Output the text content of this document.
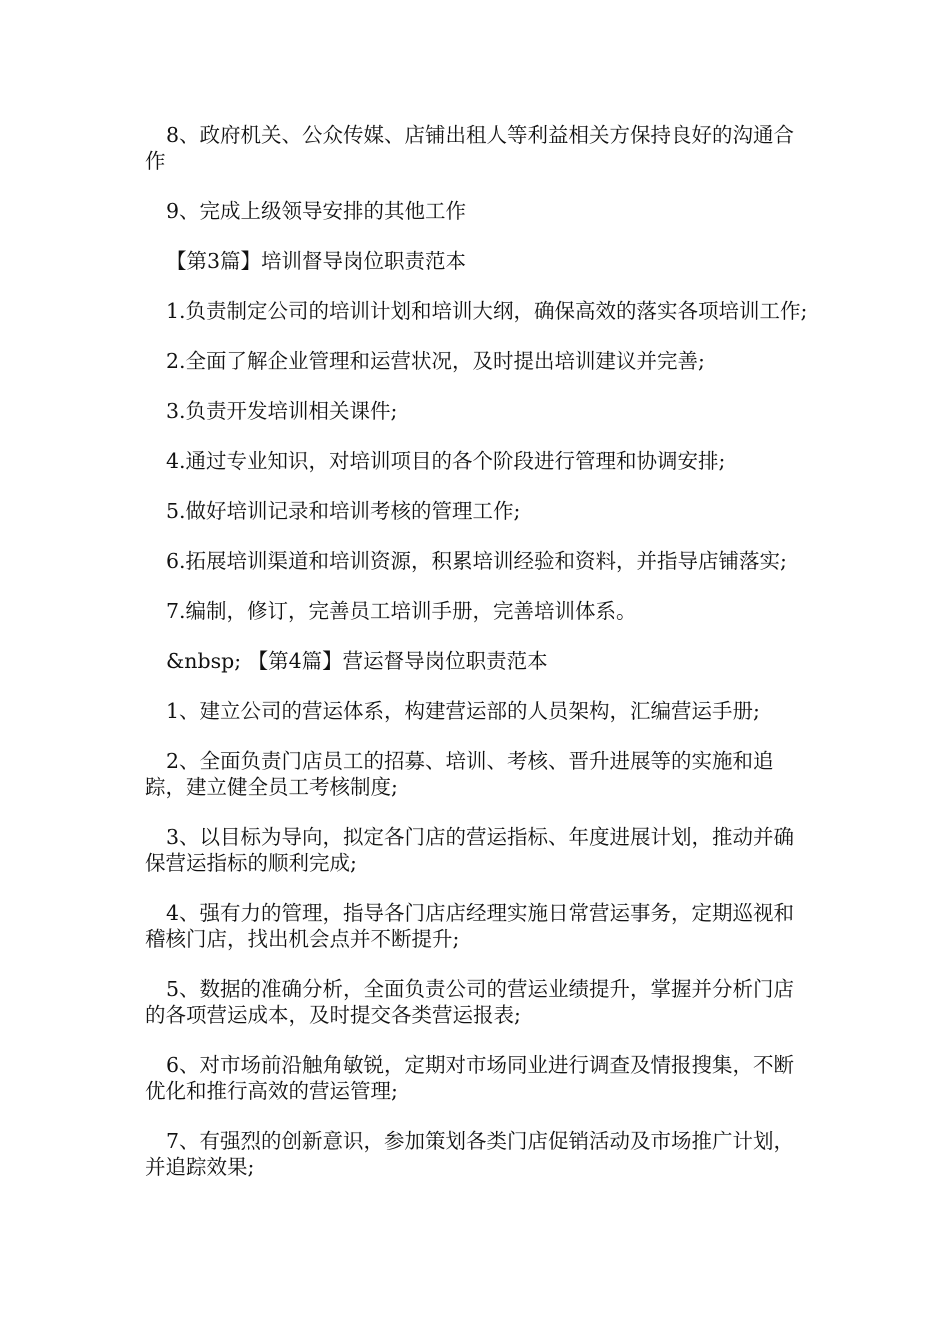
8、政府机关、公众传媒、店铺出租人等利益相关方保持良好的沟通合作

9、完成上级领导安排的其他工作

【第3篇】培训督导岗位职责范本

1.负责制定公司的培训计划和培训大纲，确保高效的落实各项培训工作;

2.全面了解企业管理和运营状况，及时提出培训建议并完善;

3.负责开发培训相关课件;

4.通过专业知识，对培训项目的各个阶段进行管理和协调安排;

5.做好培训记录和培训考核的管理工作;

6.拓展培训渠道和培训资源，积累培训经验和资料，并指导店铺落实;

7.编制，修订，完善员工培训手册，完善培训体系。

&nbsp; 【第4篇】营运督导岗位职责范本

1、建立公司的营运体系，构建营运部的人员架构，汇编营运手册;

2、全面负责门店员工的招募、培训、考核、晋升进展等的实施和追踪，建立健全员工考核制度;

3、以目标为导向，拟定各门店的营运指标、年度进展计划，推动并确保营运指标的顺利完成;

4、强有力的管理，指导各门店店经理实施日常营运事务，定期巡视和稽核门店，找出机会点并不断提升;

5、数据的准确分析，全面负责公司的营运业绩提升，掌握并分析门店的各项营运成本，及时提交各类营运报表;

6、对市场前沿触角敏锐，定期对市场同业进行调查及情报搜集，不断优化和推行高效的营运管理;

7、有强烈的创新意识，参加策划各类门店促销活动及市场推广计划，并追踪效果;
